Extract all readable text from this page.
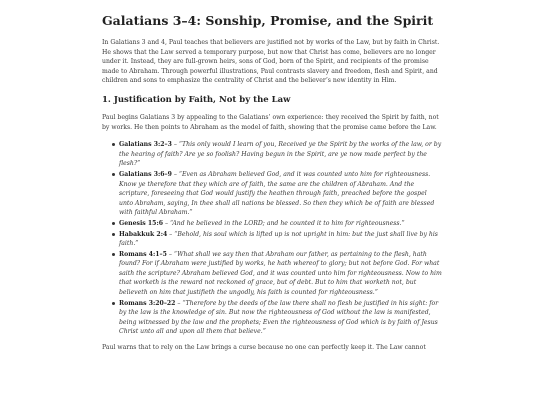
Galatians 3–4: Sonship, Promise, and the Spirit

In Galatians 3 and 4, Paul teaches that believers are justified not by works of the Law, but by faith in Christ. He shows that the Law served a temporary purpose, but now that Christ has come, believers are no longer under it. Instead, they are full-grown heirs, sons of God, born of the Spirit, and recipients of the promise made to Abraham. Through powerful illustrations, Paul contrasts slavery and freedom, flesh and Spirit, and children and sons to emphasize the centrality of Christ and the believer’s new identity in Him.

1. Justification by Faith, Not by the Law

Paul begins Galatians 3 by appealing to the Galatians’ own experience: they received the Spirit by faith, not by works. He then points to Abraham as the model of faith, showing that the promise came before the Law.

Galatians 3:2–3 – “This only would I learn of you, Received ye the Spirit by the works of the law, or by the hearing of faith? Are ye so foolish? Having begun in the Spirit, are ye now made perfect by the flesh?”
Galatians 3:6–9 – “Even as Abraham believed God, and it was counted unto him for righteousness. Know ye therefore that they which are of faith, the same are the children of Abraham. And the scripture, foreseeing that God would justify the heathen through faith, preached before the gospel unto Abraham, saying, In thee shall all nations be blessed. So then they which be of faith are blessed with faithful Abraham.”
Genesis 15:6 – “And he believed in the LORD; and he counted it to him for righteousness.”
Habakkuk 2:4 – “Behold, his soul which is lifted up is not upright in him: but the just shall live by his faith.”
Romans 4:1–5 – “What shall we say then that Abraham our father, as pertaining to the flesh, hath found? For if Abraham were justified by works, he hath whereof to glory; but not before God. For what saith the scripture? Abraham believed God, and it was counted unto him for righteousness. Now to him that worketh is the reward not reckoned of grace, but of debt. But to him that worketh not, but believeth on him that justifieth the ungodly, his faith is counted for righteousness.”
Romans 3:20–22 – “Therefore by the deeds of the law there shall no flesh be justified in his sight: for by the law is the knowledge of sin. But now the righteousness of God without the law is manifested, being witnessed by the law and the prophets; Even the righteousness of God which is by faith of Jesus Christ unto all and upon all them that believe.”

Paul warns that to rely on the Law brings a curse because no one can perfectly keep it. The Law cannot
